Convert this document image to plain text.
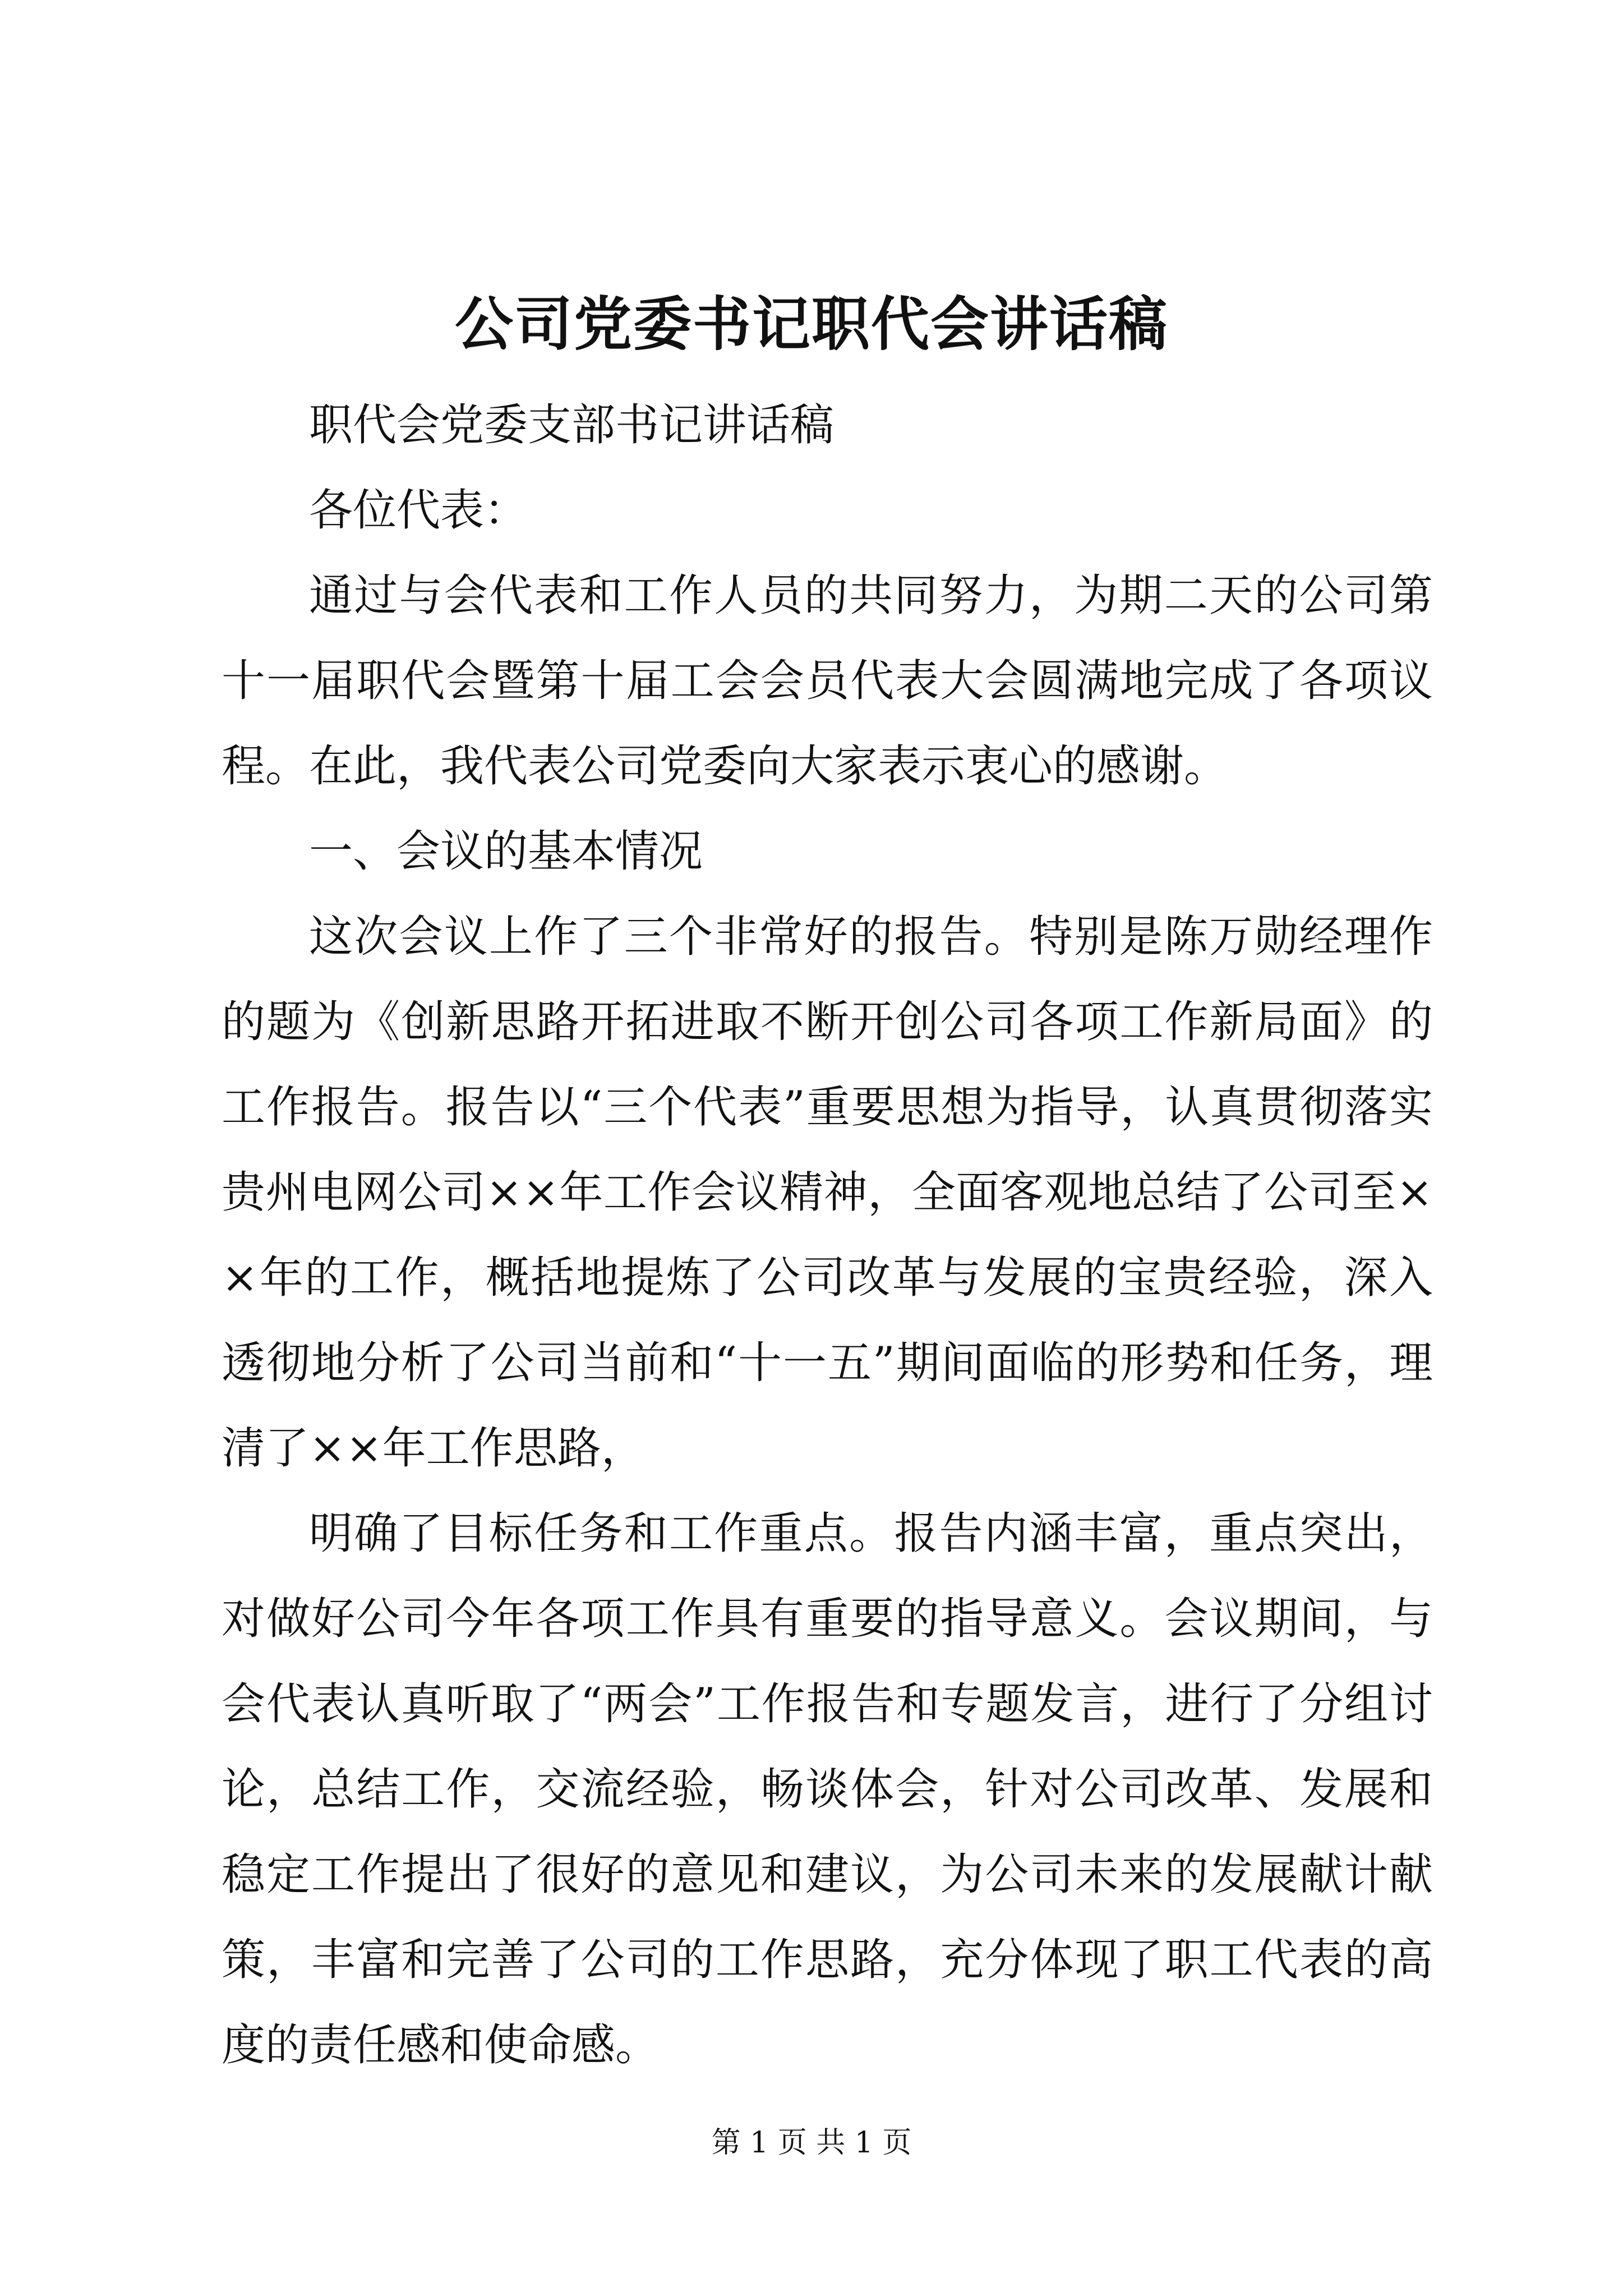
公司党委书记职代会讲话稿

职代会党委支部书记讲话稿

各位代表：

通过与会代表和工作人员的共同努力，为期二天的公司第十一届职代会暨第十届工会会员代表大会圆满地完成了各项议程。在此，我代表公司党委向大家表示衷心的感谢。

一、会议的基本情况

这次会议上作了三个非常好的报告。特别是陈万勋经理作的题为《创新思路开拓进取不断开创公司各项工作新局面》的工作报告。报告以“三个代表”重要思想为指导，认真贯彻落实贵州电网公司××年工作会议精神，全面客观地总结了公司至××年的工作，概括地提炼了公司改革与发展的宝贵经验，深入透彻地分析了公司当前和“十一五”期间面临的形势和任务，理清了××年工作思路，

明确了目标任务和工作重点。报告内涵丰富，重点突出，对做好公司今年各项工作具有重要的指导意义。会议期间，与会代表认真听取了“两会”工作报告和专题发言，进行了分组讨论，总结工作，交流经验，畅谈体会，针对公司改革、发展和稳定工作提出了很好的意见和建议，为公司未来的发展献计献策，丰富和完善了公司的工作思路，充分体现了职工代表的高度的责任感和使命感。

第 1 页 共 1 页
